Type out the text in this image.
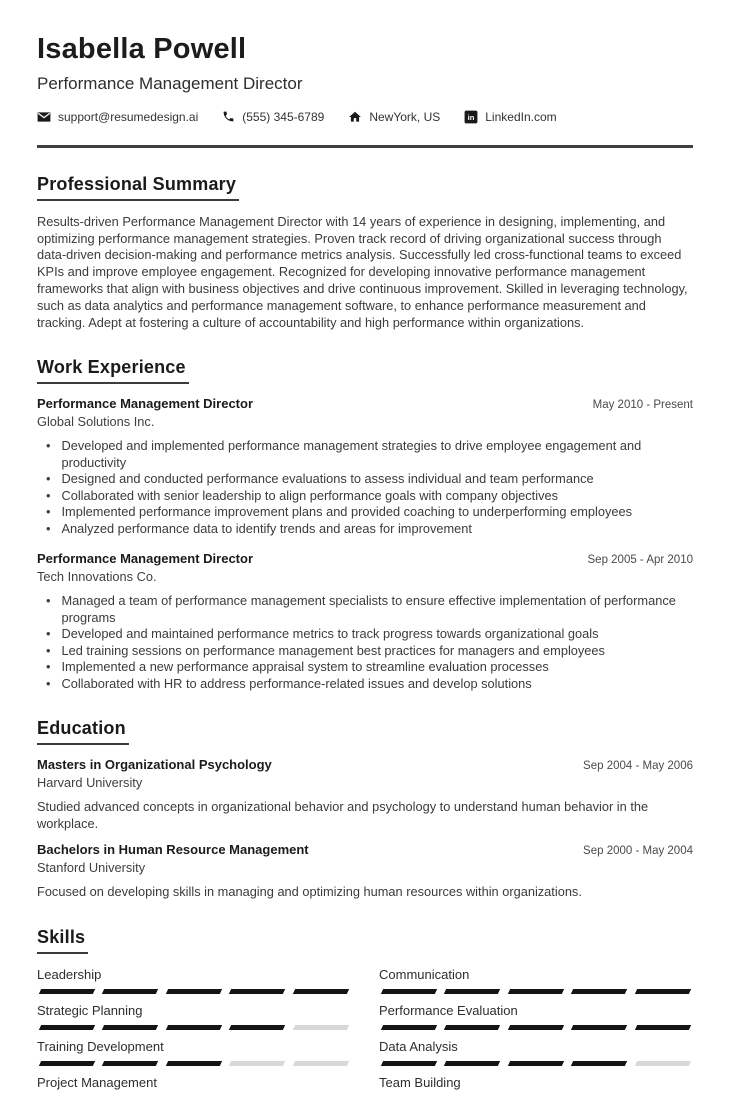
Isabella Powell
Performance Management Director
support@resumedesign.ai	(555) 345-6789	NewYork, US in LinkedIn.com
Professional Summary

Results-driven Performance Management Director with 14 years of experience in designing, implementing, and optimizing performance management strategies. Proven track record of driving organizational success through data-driven decision-making and performance metrics analysis. Successfully led cross-functional teams to exceed KPIs and improve employee engagement. Recognized for developing innovative performance management frameworks that align with business objectives and drive continuous improvement. Skilled in leveraging technology, such as data analytics and performance management software, to enhance performance measurement and tracking. Adept at fostering a culture of accountability and high performance within organizations.

Work Experience
Performance Management Director	May 2010 - Present
Global Solutions Inc.
• Developed and implemented performance management strategies to drive employee engagement and productivity
• Designed and conducted performance evaluations to assess individual and team performance
• Collaborated with senior leadership to align performance goals with company objectives
• Implemented performance improvement plans and provided coaching to underperforming employees
• Analyzed performance data to identify trends and areas for improvement
Performance Management Director	Sep 2005 - Apr 2010
Tech Innovations Co.
• Managed a team of performance management specialists to ensure effective implementation of performance programs
• Developed and maintained performance metrics to track progress towards organizational goals
• Led training sessions on performance management best practices for managers and employees
• Implemented a new performance appraisal system to streamline evaluation processes
• Collaborated with HR to address performance-related issues and develop solutions
Education
Masters in Organizational Psychology	Sep 2004 - May 2006
Harvard University
Studied advanced concepts in organizational behavior and psychology to understand human behavior in the workplace.
Bachelors in Human Resource Management	Sep 2000 - May 2004
Stanford University
Focused on developing skills in managing and optimizing human resources within organizations.
Skills
Leadership	Communication
Strategic Planning	Performance Evaluation
Training Development	Data Analysis
Project Management	Team Building
